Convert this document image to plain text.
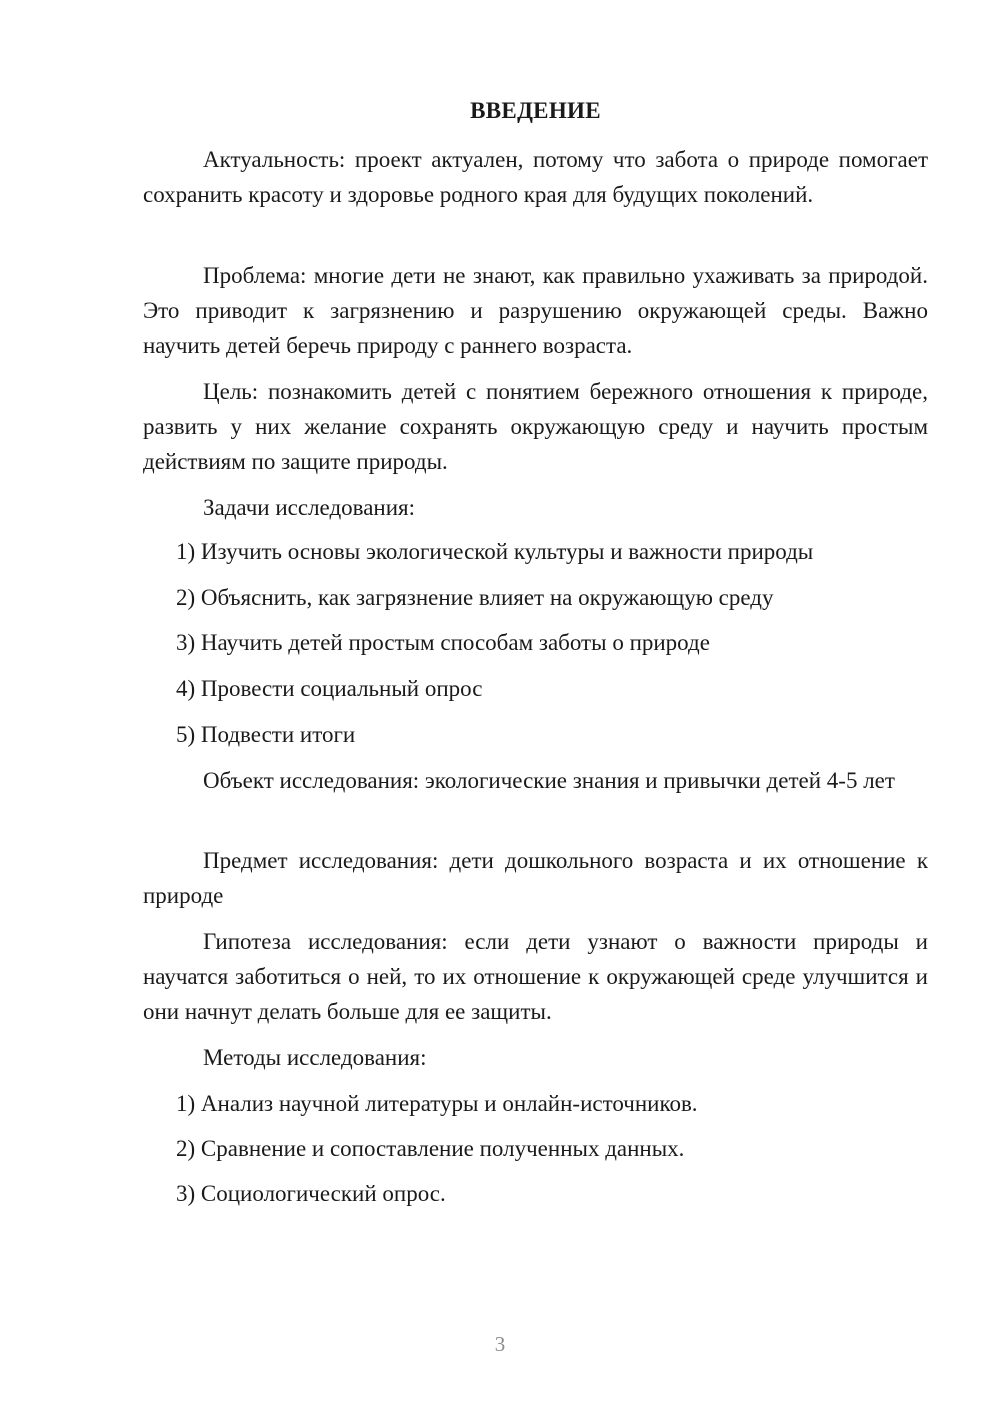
ВВЕДЕНИЕ

Актуальность: проект актуален, потому что забота о природе помогает сохранить красоту и здоровье родного края для будущих поколений.

Проблема: многие дети не знают, как правильно ухаживать за природой. Это приводит к загрязнению и разрушению окружающей среды. Важно научить детей беречь природу с раннего возраста.

Цель: познакомить детей с понятием бережного отношения к природе, развить у них желание сохранять окружающую среду и научить простым действиям по защите природы.

Задачи исследования:

1) Изучить основы экологической культуры и важности природы

2) Объяснить, как загрязнение влияет на окружающую среду

3) Научить детей простым способам заботы о природе

4) Провести социальный опрос

5) Подвести итоги

Объект исследования: экологические знания и привычки детей 4-5 лет

Предмет исследования: дети дошкольного возраста и их отношение к природе

Гипотеза исследования: если дети узнают о важности природы и научатся заботиться о ней, то их отношение к окружающей среде улучшится и они начнут делать больше для ее защиты.

Методы исследования:

1) Анализ научной литературы и онлайн-источников.

2) Сравнение и сопоставление полученных данных.

3) Социологический опрос.

3
